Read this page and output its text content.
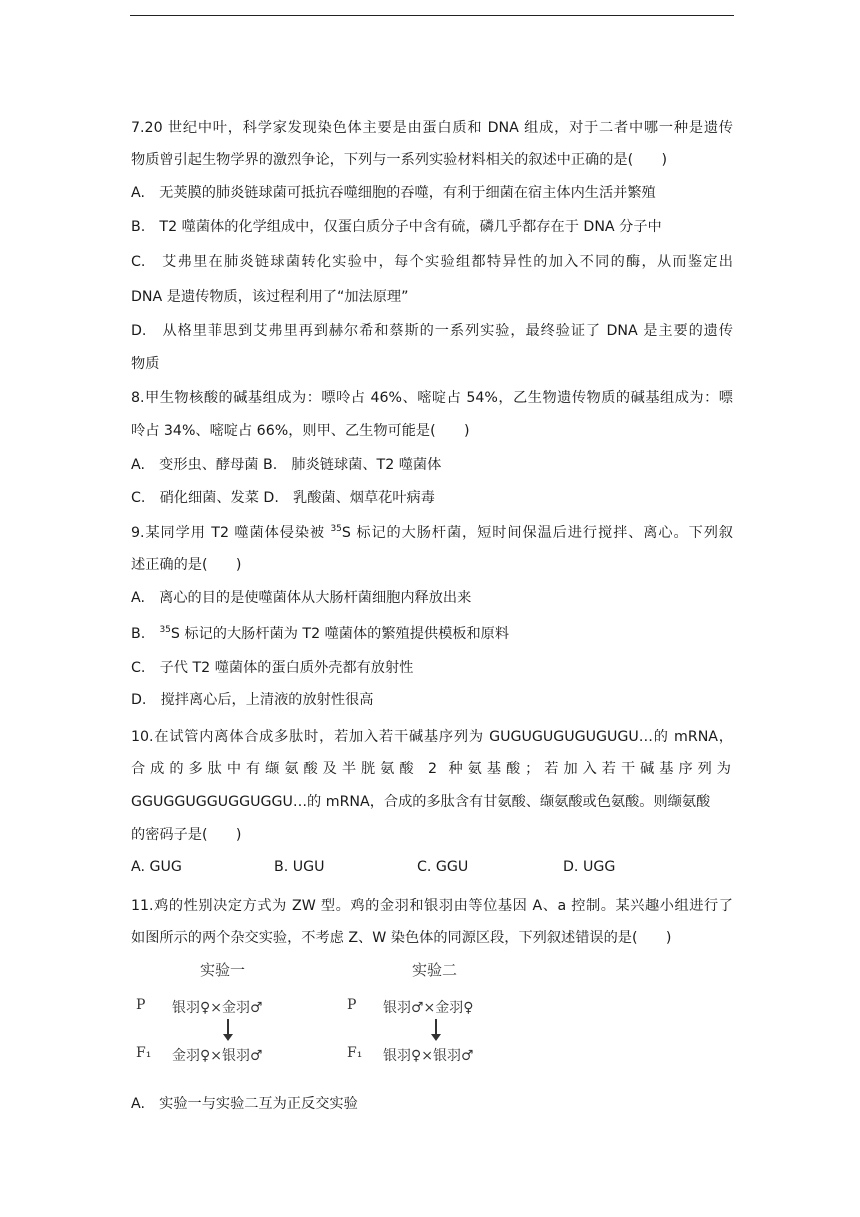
7.20 世纪中叶，科学家发现染色体主要是由蛋白质和 DNA 组成，对于二者中哪一种是遗传
物质曾引起生物学界的激烈争论，下列与一系列实验材料相关的叙述中正确的是(　　)
A.　无荚膜的肺炎链球菌可抵抗吞噬细胞的吞噬，有利于细菌在宿主体内生活并繁殖
B.　T2 噬菌体的化学组成中，仅蛋白质分子中含有硫，磷几乎都存在于 DNA 分子中
C.　艾弗里在肺炎链球菌转化实验中，每个实验组都特异性的加入不同的酶，从而鉴定出
DNA 是遗传物质，该过程利用了“加法原理”
D.　从格里菲思到艾弗里再到赫尔希和蔡斯的一系列实验，最终验证了 DNA 是主要的遗传
物质
8.甲生物核酸的碱基组成为：嘌呤占 46%、嘧啶占 54%，乙生物遗传物质的碱基组成为：嘌
呤占 34%、嘧啶占 66%，则甲、乙生物可能是(　　)
A.　变形虫、酵母菌 B.　肺炎链球菌、T2 噬菌体
C.　硝化细菌、发菜 D.　乳酸菌、烟草花叶病毒
9.某同学用 T2 噬菌体侵染被 $^{35}$S 标记的大肠杆菌，短时间保温后进行搅拌、离心。下列叙
述正确的是(　　)
A.　离心的目的是使噬菌体从大肠杆菌细胞内释放出来
B.　$^{35}$S 标记的大肠杆菌为 T2 噬菌体的繁殖提供模板和原料
C.　子代 T2 噬菌体的蛋白质外壳都有放射性
D.　搅拌离心后，上清液的放射性很高
10.在试管内离体合成多肽时，若加入若干碱基序列为 GUGUGUGUGUGUGU…的 mRNA，
合成的多肽中有缬氨酸及半胱氨酸 2 种氨基酸；若加入若干碱基序列为
GGUGGUGGUGGUGGU…的 mRNA，合成的多肽含有甘氨酸、缬氨酸或色氨酸。则缬氨酸
的密码子是(　　)
A. GUG	B. UGU	C. GGU	D. UGG
11.鸡的性别决定方式为 ZW 型。鸡的金羽和银羽由等位基因 A、a 控制。某兴趣小组进行了
如图所示的两个杂交实验，不考虑 Z、W 染色体的同源区段，下列叙述错误的是(　　)
实验一
P 银羽♀×金羽♂
F₁ 金羽♀×银羽♂
实验二
P 银羽♂×金羽♀
F₁ 银羽♀×银羽♂
A.　实验一与实验二互为正反交实验
